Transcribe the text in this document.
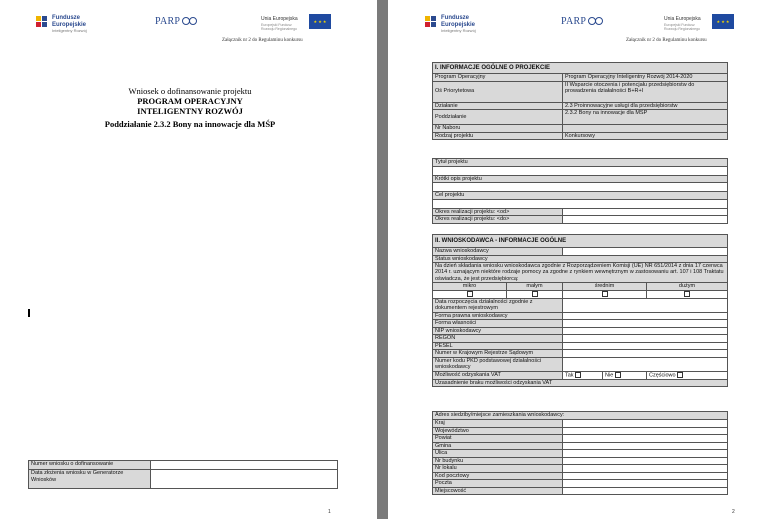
Fundusze
Europejskie
Inteligentny Rozwój
PARP	Unia Europejska
Europejski Fundusz
Rozwoju Regionalnego
★ ★ ★
Załącznik nr 2 do Regulaminu konkursu
Wniosek o dofinansowanie projektu
PROGRAM OPERACYJNY
INTELIGENTNY ROZWÓJ
Poddziałanie 2.3.2 Bony na innowacje dla MŚP
Numer wniosku o dofinansowanie	
Data złożenia wniosku w Generatorze Wniosków	
1
Fundusze
Europejskie
Inteligentny Rozwój
PARP	Unia Europejska
Europejski Fundusz
Rozwoju Regionalnego
★ ★ ★
Załącznik nr 2 do Regulaminu konkursu
I. INFORMACJE OGÓLNE O PROJEKCIE	
Program Operacyjny	Program Operacyjny Inteligentny Rozwój 2014-2020
Oś Priorytetowa	II Wsparcie otoczenia i potencjału przedsiębiorstw do prowadzenia działalności B+R+I
Działanie	2.3 Proinnowacyjne usługi dla przedsiębiorstw
Poddziałanie	2.3.2 Bony na innowacje dla MŚP
Nr Naboru	
Rodzaj projektu	Konkursowy
Tytuł projektu	

Krótki opis projektu	

Cel projektu	

Okres realizacji projektu: <od>	
Okres realizacji projektu: <do>	
II. WNIOSKODAWCA - INFORMACJE OGÓLNE				
Nazwa wnioskodawcy				
Status wnioskodawcy				
Na dzień składania wniosku wnioskodawca zgodnie z Rozporządzeniem Komisji (UE) NR 651/2014 z dnia 17 czerwca 2014 r. uznającym niektóre rodzaje pomocy za zgodne z rynkiem wewnętrznym w zastosowaniu art. 107 i 108 Traktatu oświadcza, że jest przedsiębiorcą:				
mikro	małym	średnim		dużym

Data rozpoczęcia działalności zgodnie z dokumentem rejestrowym				
Forma prawna wnioskodawcy				
Forma własności				
NIP wnioskodawcy				
REGON				
PESEL				
Numer w Krajowym Rejestrze Sądowym				
Numer kodu PKD podstawowej działalności wnioskodawcy				
Możliwość odzyskania VAT		Tak	Nie	Częściowo
Uzasadnienie braku możliwości odzyskania VAT				
Adres siedziby/miejsce zamieszkania wnioskodawcy:	
Kraj	
Województwo	
Powiat	
Gmina	
Ulica	
Nr budynku	
Nr lokalu	
Kod pocztowy	
Poczta	
Miejscowość	
2
